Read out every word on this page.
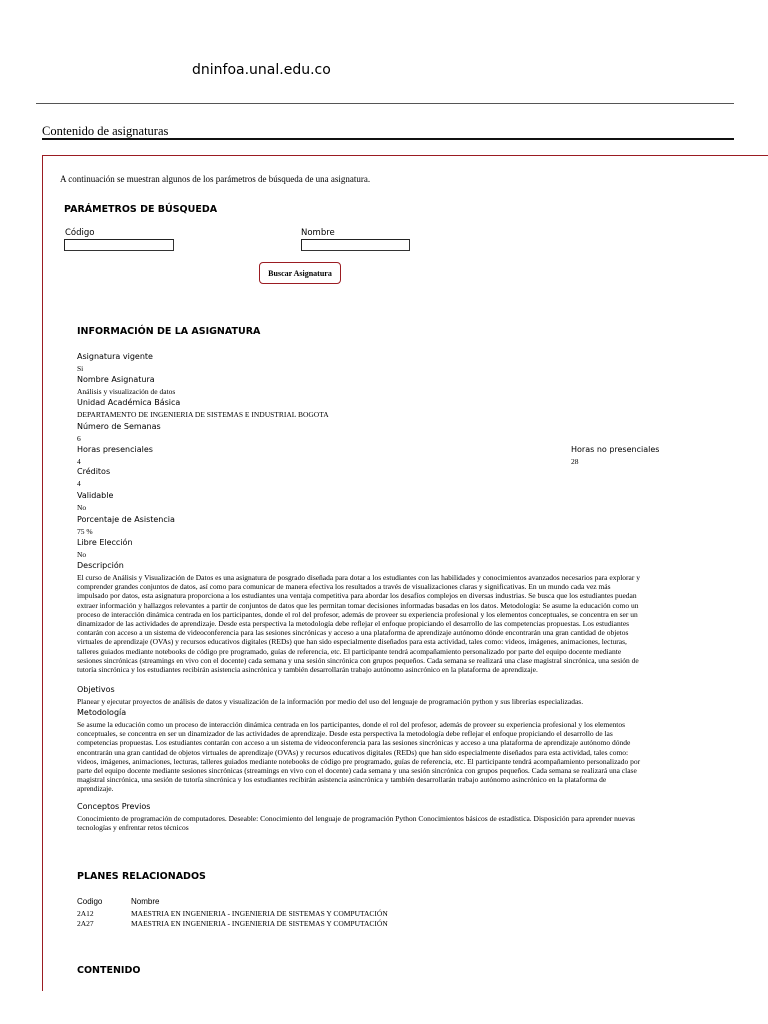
dninfoa.unal.edu.co
Contenido de asignaturas
A continuación se muestran algunos de los parámetros de búsqueda de una asignatura.
PARÁMETROS DE BÚSQUEDA
Código	Nombre
Buscar Asignatura
INFORMACIÓN DE LA ASIGNATURA
Asignatura vigente
Si
Nombre Asignatura
Análisis y visualización de datos
Unidad Académica Básica
DEPARTAMENTO DE INGENIERIA DE SISTEMAS E INDUSTRIAL BOGOTA
Número de Semanas
6
Horas presenciales
4
Horas no presenciales
28
Créditos
4
Validable
No
Porcentaje de Asistencia
75 %
Libre Elección
No
Descripción
El curso de Análisis y Visualización de Datos es una asignatura de posgrado diseñada para dotar a los estudiantes con las habilidades y conocimientos avanzados necesarios para explorar y
comprender grandes conjuntos de datos, así como para comunicar de manera efectiva los resultados a través de visualizaciones claras y significativas. En un mundo cada vez más
impulsado por datos, esta asignatura proporciona a los estudiantes una ventaja competitiva para abordar los desafíos complejos en diversas industrias. Se busca que los estudiantes puedan
extraer información y hallazgos relevantes a partir de conjuntos de datos que les permitan tomar decisiones informadas basadas en los datos. Metodología: Se asume la educación como un
proceso de interacción dinámica centrada en los participantes, donde el rol del profesor, además de proveer su experiencia profesional y los elementos conceptuales, se concentra en ser un
dinamizador de las actividades de aprendizaje. Desde esta perspectiva la metodología debe reflejar el enfoque propiciando el desarrollo de las competencias propuestas. Los estudiantes
contarán con acceso a un sistema de videoconferencia para las sesiones sincrónicas y acceso a una plataforma de aprendizaje autónomo dónde encontrarán una gran cantidad de objetos
virtuales de aprendizaje (OVAs) y recursos educativos digitales (REDs) que han sido especialmente diseñados para esta actividad, tales como: videos, imágenes, animaciones, lecturas,
talleres guiados mediante notebooks de código pre programado, guías de referencia, etc. El participante tendrá acompañamiento personalizado por parte del equipo docente mediante
sesiones sincrónicas (streamings en vivo con el docente) cada semana y una sesión sincrónica con grupos pequeños. Cada semana se realizará una clase magistral sincrónica, una sesión de
tutoría sincrónica y los estudiantes recibirán asistencia asincrónica y también desarrollarán trabajo autónomo asincrónico en la plataforma de aprendizaje.
Objetivos
Planear y ejecutar proyectos de análisis de datos y visualización de la información por medio del uso del lenguaje de programación python y sus librerías especializadas.
Metodología
Se asume la educación como un proceso de interacción dinámica centrada en los participantes, donde el rol del profesor, además de proveer su experiencia profesional y los elementos
conceptuales, se concentra en ser un dinamizador de las actividades de aprendizaje. Desde esta perspectiva la metodología debe reflejar el enfoque propiciando el desarrollo de las
competencias propuestas. Los estudiantes contarán con acceso a un sistema de videoconferencia para las sesiones sincrónicas y acceso a una plataforma de aprendizaje autónomo dónde
encontrarán una gran cantidad de objetos virtuales de aprendizaje (OVAs) y recursos educativos digitales (REDs) que han sido especialmente diseñados para esta actividad, tales como:
videos, imágenes, animaciones, lecturas, talleres guiados mediante notebooks de código pre programado, guías de referencia, etc. El participante tendrá acompañamiento personalizado por
parte del equipo docente mediante sesiones sincrónicas (streamings en vivo con el docente) cada semana y una sesión sincrónica con grupos pequeños. Cada semana se realizará una clase
magistral sincrónica, una sesión de tutoría sincrónica y los estudiantes recibirán asistencia asincrónica y también desarrollarán trabajo autónomo asincrónico en la plataforma de
aprendizaje.
Conceptos Previos
Conocimiento de programación de computadores. Deseable: Conocimiento del lenguaje de programación Python Conocimientos básicos de estadística. Disposición para aprender nuevas
tecnologías y enfrentar retos técnicos
PLANES RELACIONADOS
Codigo	Nombre
2A12	MAESTRIA EN INGENIERIA - INGENIERIA DE SISTEMAS Y COMPUTACIÓN
2A27	MAESTRIA EN INGENIERIA - INGENIERIA DE SISTEMAS Y COMPUTACIÓN
CONTENIDO
